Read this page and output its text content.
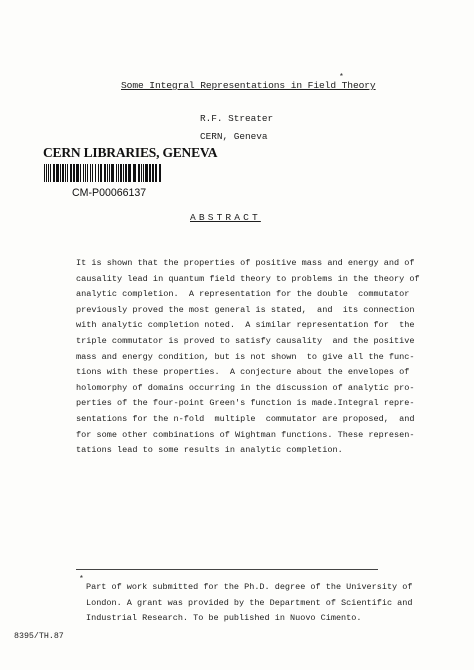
Some Integral Representations in Field Theory
*
R.F. Streater
CERN, Geneva
CERN LIBRARIES, GENEVA
CM-P00066137
ABSTRACT
It is shown that the properties of positive mass and energy and of
causality lead in quantum field theory to problems in the theory of
analytic completion.  A representation for the double  commutator
previously proved the most general is stated,  and  its connection
with analytic completion noted.  A similar representation for  the
triple commutator is proved to satisfy causality  and the positive
mass and energy condition, but is not shown  to give all the func-
tions with these properties.  A conjecture about the envelopes of
holomorphy of domains occurring in the discussion of analytic pro-
perties of the four-point Green's function is made.Integral repre-
sentations for the n-fold  multiple  commutator are proposed,  and
for some other combinations of Wightman functions. These represen-
tations lead to some results in analytic completion.
*
Part of work submitted for the Ph.D. degree of the University of
London. A grant was provided by the Department of Scientific and
Industrial Research. To be published in Nuovo Cimento.
8395/TH.87
